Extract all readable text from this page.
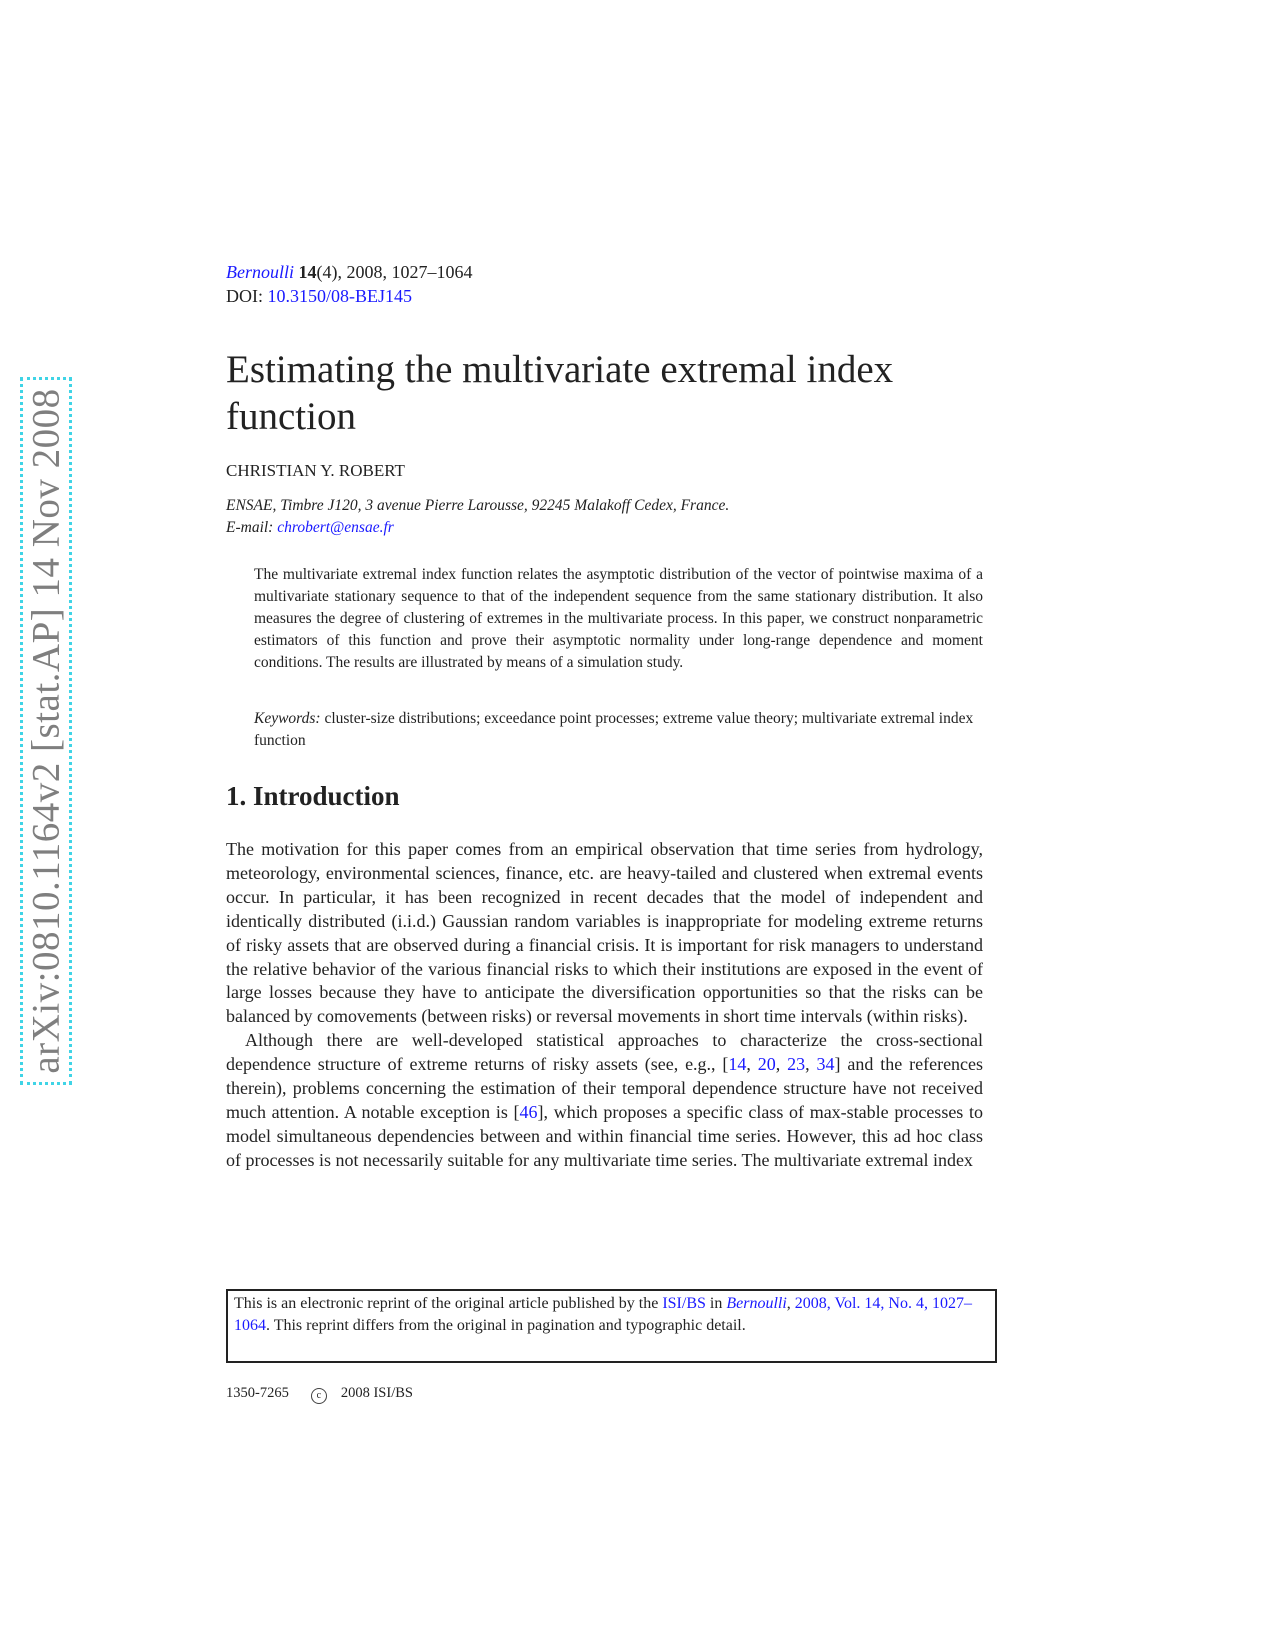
arXiv:0810.1164v2 [stat.AP] 14 Nov 2008
Bernoulli 14(4), 2008, 1027–1064
DOI: 10.3150/08-BEJ145
Estimating the multivariate extremal index function
CHRISTIAN Y. ROBERT
ENSAE, Timbre J120, 3 avenue Pierre Larousse, 92245 Malakoff Cedex, France.
E-mail: chrobert@ensae.fr
The multivariate extremal index function relates the asymptotic distribution of the vector of pointwise maxima of a multivariate stationary sequence to that of the independent sequence from the same stationary distribution. It also measures the degree of clustering of extremes in the multivariate process. In this paper, we construct nonparametric estimators of this function and prove their asymptotic normality under long-range dependence and moment conditions. The results are illustrated by means of a simulation study.
Keywords: cluster-size distributions; exceedance point processes; extreme value theory; multivariate extremal index function
1. Introduction

The motivation for this paper comes from an empirical observation that time series from hydrology, meteorology, environmental sciences, finance, etc. are heavy-tailed and clustered when extremal events occur. In particular, it has been recognized in recent decades that the model of independent and identically distributed (i.i.d.) Gaussian random variables is inappropriate for modeling extreme returns of risky assets that are observed during a financial crisis. It is important for risk managers to understand the relative behavior of the various financial risks to which their institutions are exposed in the event of large losses because they have to anticipate the diversification opportunities so that the risks can be balanced by comovements (between risks) or reversal movements in short time intervals (within risks).

Although there are well-developed statistical approaches to characterize the cross-sectional dependence structure of extreme returns of risky assets (see, e.g., [14, 20, 23, 34] and the references therein), problems concerning the estimation of their temporal dependence structure have not received much attention. A notable exception is [46], which proposes a specific class of max-stable processes to model simultaneous dependencies between and within financial time series. However, this ad hoc class of processes is not necessarily suitable for any multivariate time series. The multivariate extremal index

This is an electronic reprint of the original article published by the ISI/BS in Bernoulli, 2008, Vol. 14, No. 4, 1027–1064. This reprint differs from the original in pagination and typographic detail.
1350-7265	c 2008 ISI/BS
